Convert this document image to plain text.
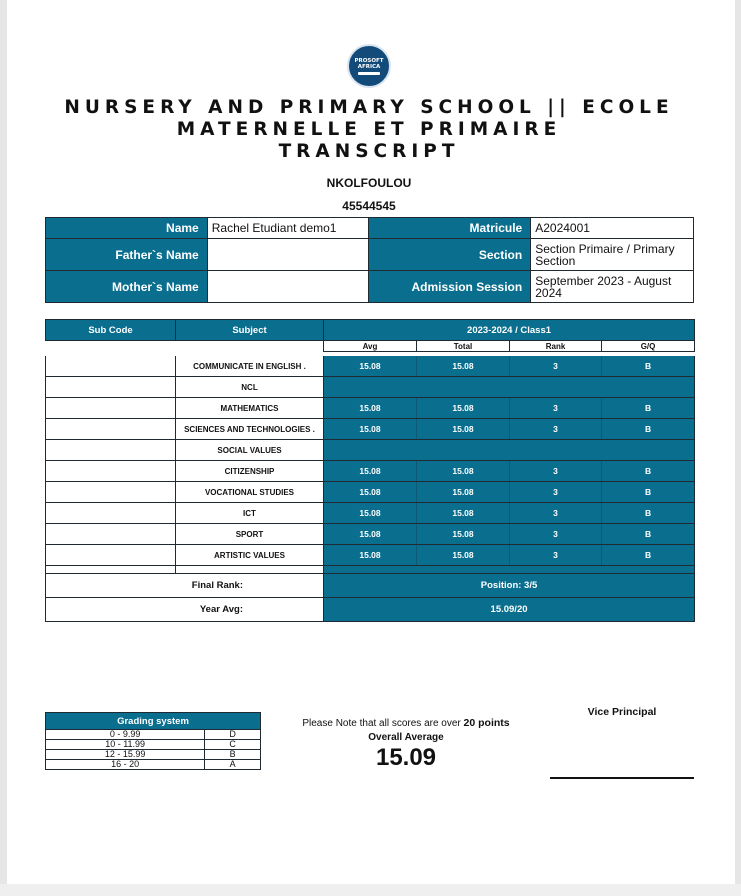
PROSOFT
AFRICA
NURSERY AND PRIMARY SCHOOL || ECOLE
MATERNELLE ET PRIMAIRE
TRANSCRIPT
NKOLFOULOU
45544545
Name	Rachel Etudiant demo1	Matricule	A2024001
Father`s Name		Section	Section Primaire / Primary Section
Mother`s Name		Admission Session	September 2023 - August 2024
Sub Code	Subject	2023-2024 / Class1			
		Avg	Total	Rank	G/Q

	COMMUNICATE IN ENGLISH .	15.08	15.08	3	B
	NCL				
	MATHEMATICS	15.08	15.08	3	B
	SCIENCES AND TECHNOLOGIES .	15.08	15.08	3	B
	SOCIAL VALUES				
	CITIZENSHIP	15.08	15.08	3	B
	VOCATIONAL STUDIES	15.08	15.08	3	B
	ICT	15.08	15.08	3	B
	SPORT	15.08	15.08	3	B
	ARTISTIC VALUES	15.08	15.08	3	B

Final Rank:		Position: 3/5			
Year Avg:		15.09/20			
Grading system	
0 - 9.99	D
10 - 11.99	C
12 - 15.99	B
16 - 20	A
Please Note that all scores are over 20 points
Overall Average
15.09
Vice Principal
